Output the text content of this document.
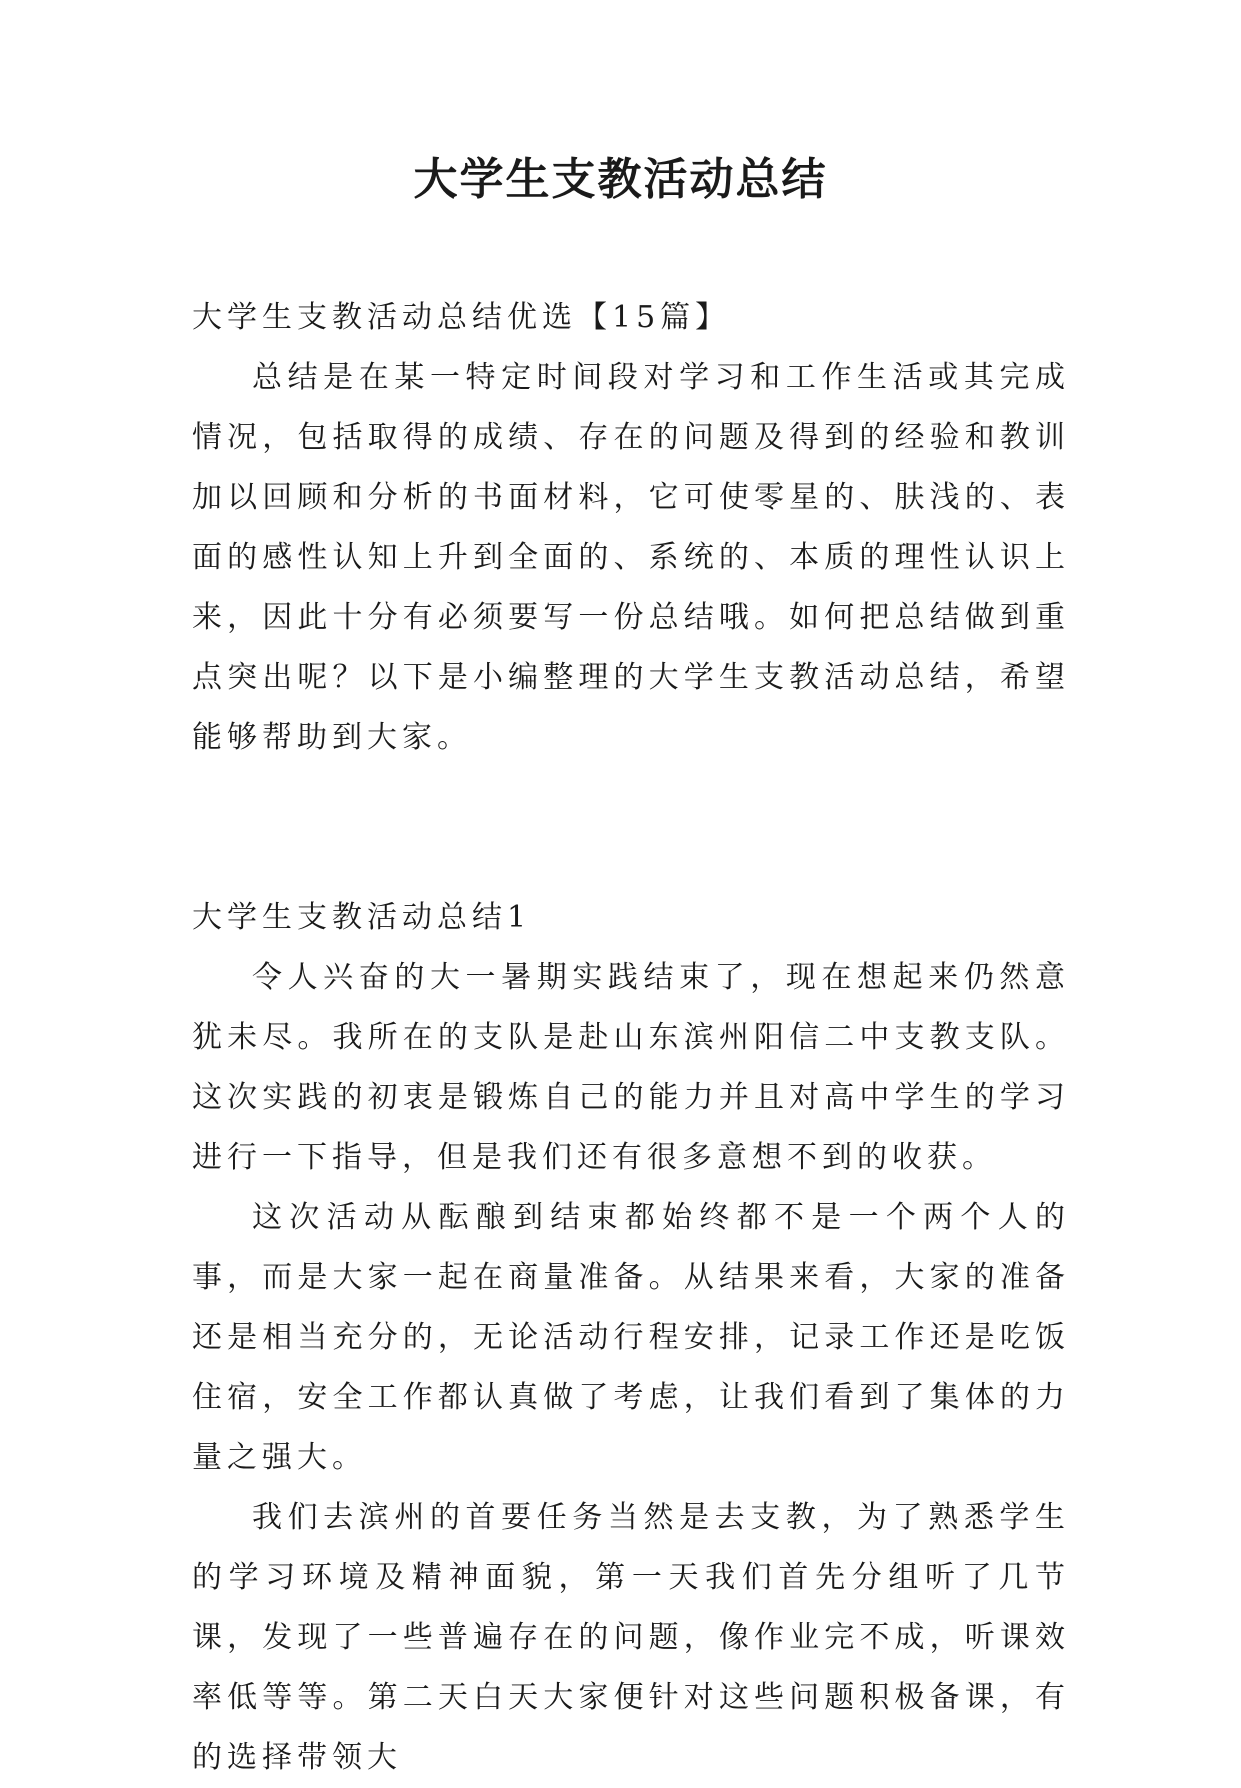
大学生支教活动总结
大学生支教活动总结优选【15篇】

总结是在某一特定时间段对学习和工作生活或其完成情况，包括取得的成绩、存在的问题及得到的经验和教训加以回顾和分析的书面材料，它可使零星的、肤浅的、表面的感性认知上升到全面的、系统的、本质的理性认识上来，因此十分有必须要写一份总结哦。如何把总结做到重点突出呢？以下是小编整理的大学生支教活动总结，希望能够帮助到大家。

大学生支教活动总结1

令人兴奋的大一暑期实践结束了，现在想起来仍然意犹未尽。我所在的支队是赴山东滨州阳信二中支教支队。这次实践的初衷是锻炼自己的能力并且对高中学生的学习进行一下指导，但是我们还有很多意想不到的收获。

这次活动从酝酿到结束都始终都不是一个两个人的事，而是大家一起在商量准备。从结果来看，大家的准备还是相当充分的，无论活动行程安排，记录工作还是吃饭住宿，安全工作都认真做了考虑，让我们看到了集体的力量之强大。

我们去滨州的首要任务当然是去支教，为了熟悉学生的学习环境及精神面貌，第一天我们首先分组听了几节课，发现了一些普遍存在的问题，像作业完不成，听课效率低等等。第二天白天大家便针对这些问题积极备课，有的选择带领大
